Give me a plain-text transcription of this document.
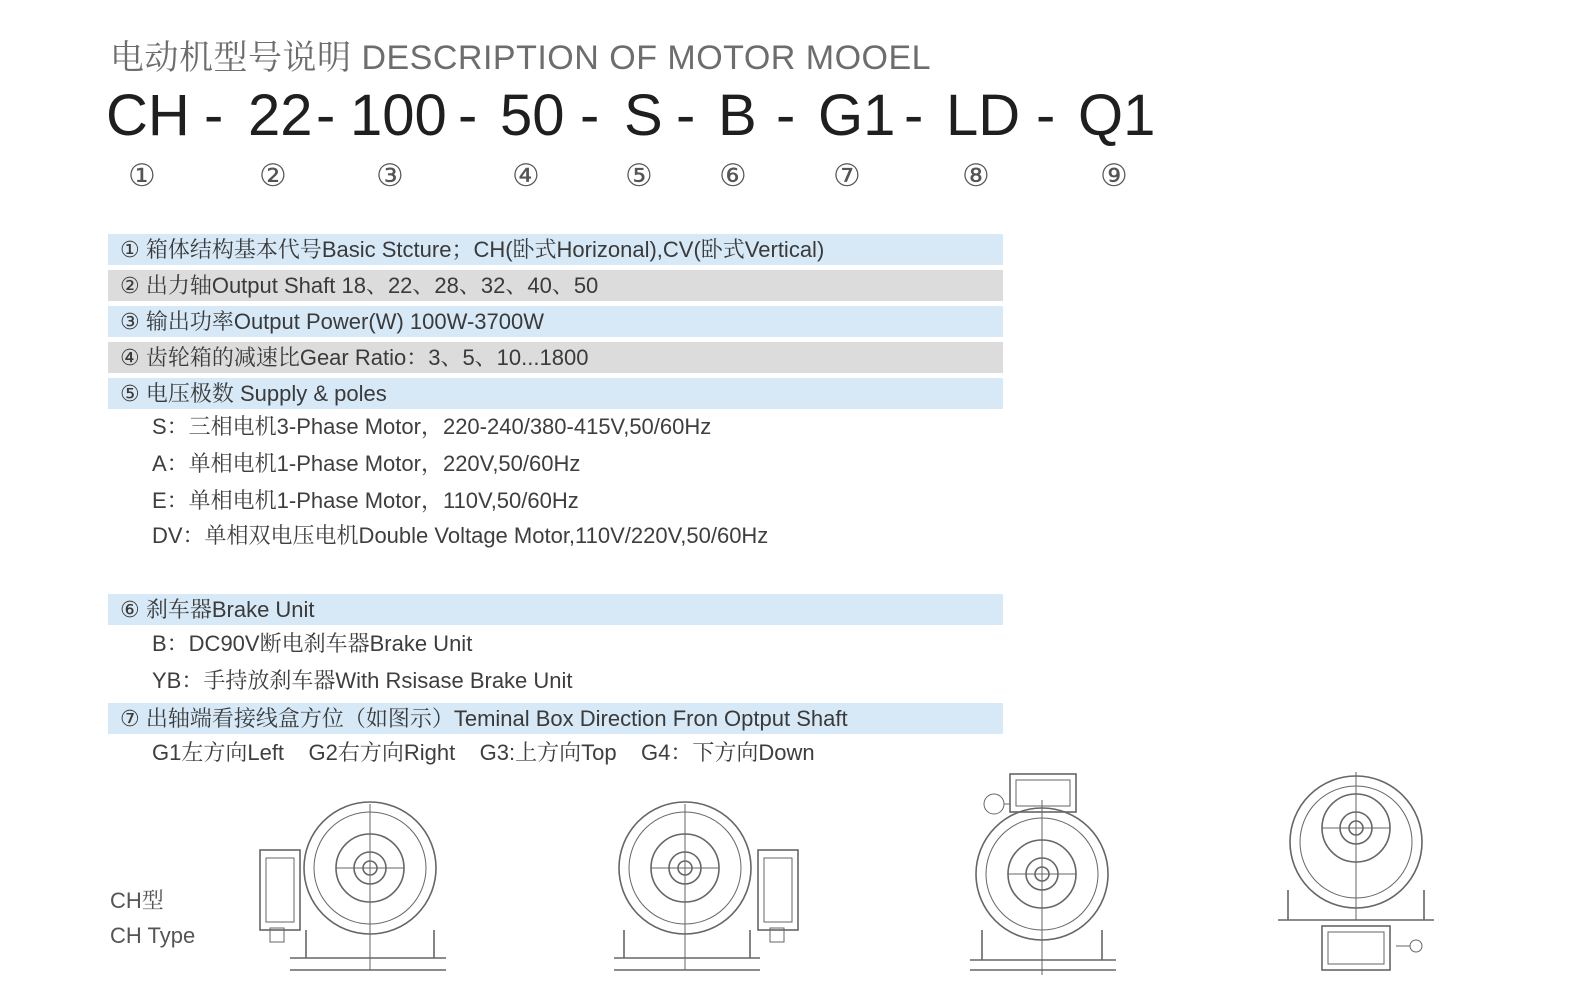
电动机型号说明 DESCRIPTION OF MOTOR MOOEL
CH - 22 - 100 - 50 - S - B - G1 - LD - Q1
①	②	③	④	⑤ ⑥	⑦	⑧	⑨
① 箱体结构基本代号Basic Stcture；CH(卧式Horizonal),CV(卧式Vertical)
② 出力轴Output Shaft 18、22、28、32、40、50
③ 输出功率Output Power(W) 100W-3700W
④ 齿轮箱的减速比Gear Ratio：3、5、10...1800
⑤ 电压极数 Supply & poles
S：三相电机3-Phase Motor，220-240/380-415V,50/60Hz
A：单相电机1-Phase Motor，220V,50/60Hz
E：单相电机1-Phase Motor，110V,50/60Hz
DV：单相双电压电机Double Voltage Motor,110V/220V,50/60Hz
⑥ 刹车器Brake Unit
B：DC90V断电刹车器Brake Unit
YB：手持放刹车器With Rsisase Brake Unit
⑦ 出轴端看接线盒方位（如图示）Teminal Box Direction Fron Optput Shaft
G1左方向Left    G2右方向Right    G3:上方向Top    G4：下方向Down
CH型
CH Type
